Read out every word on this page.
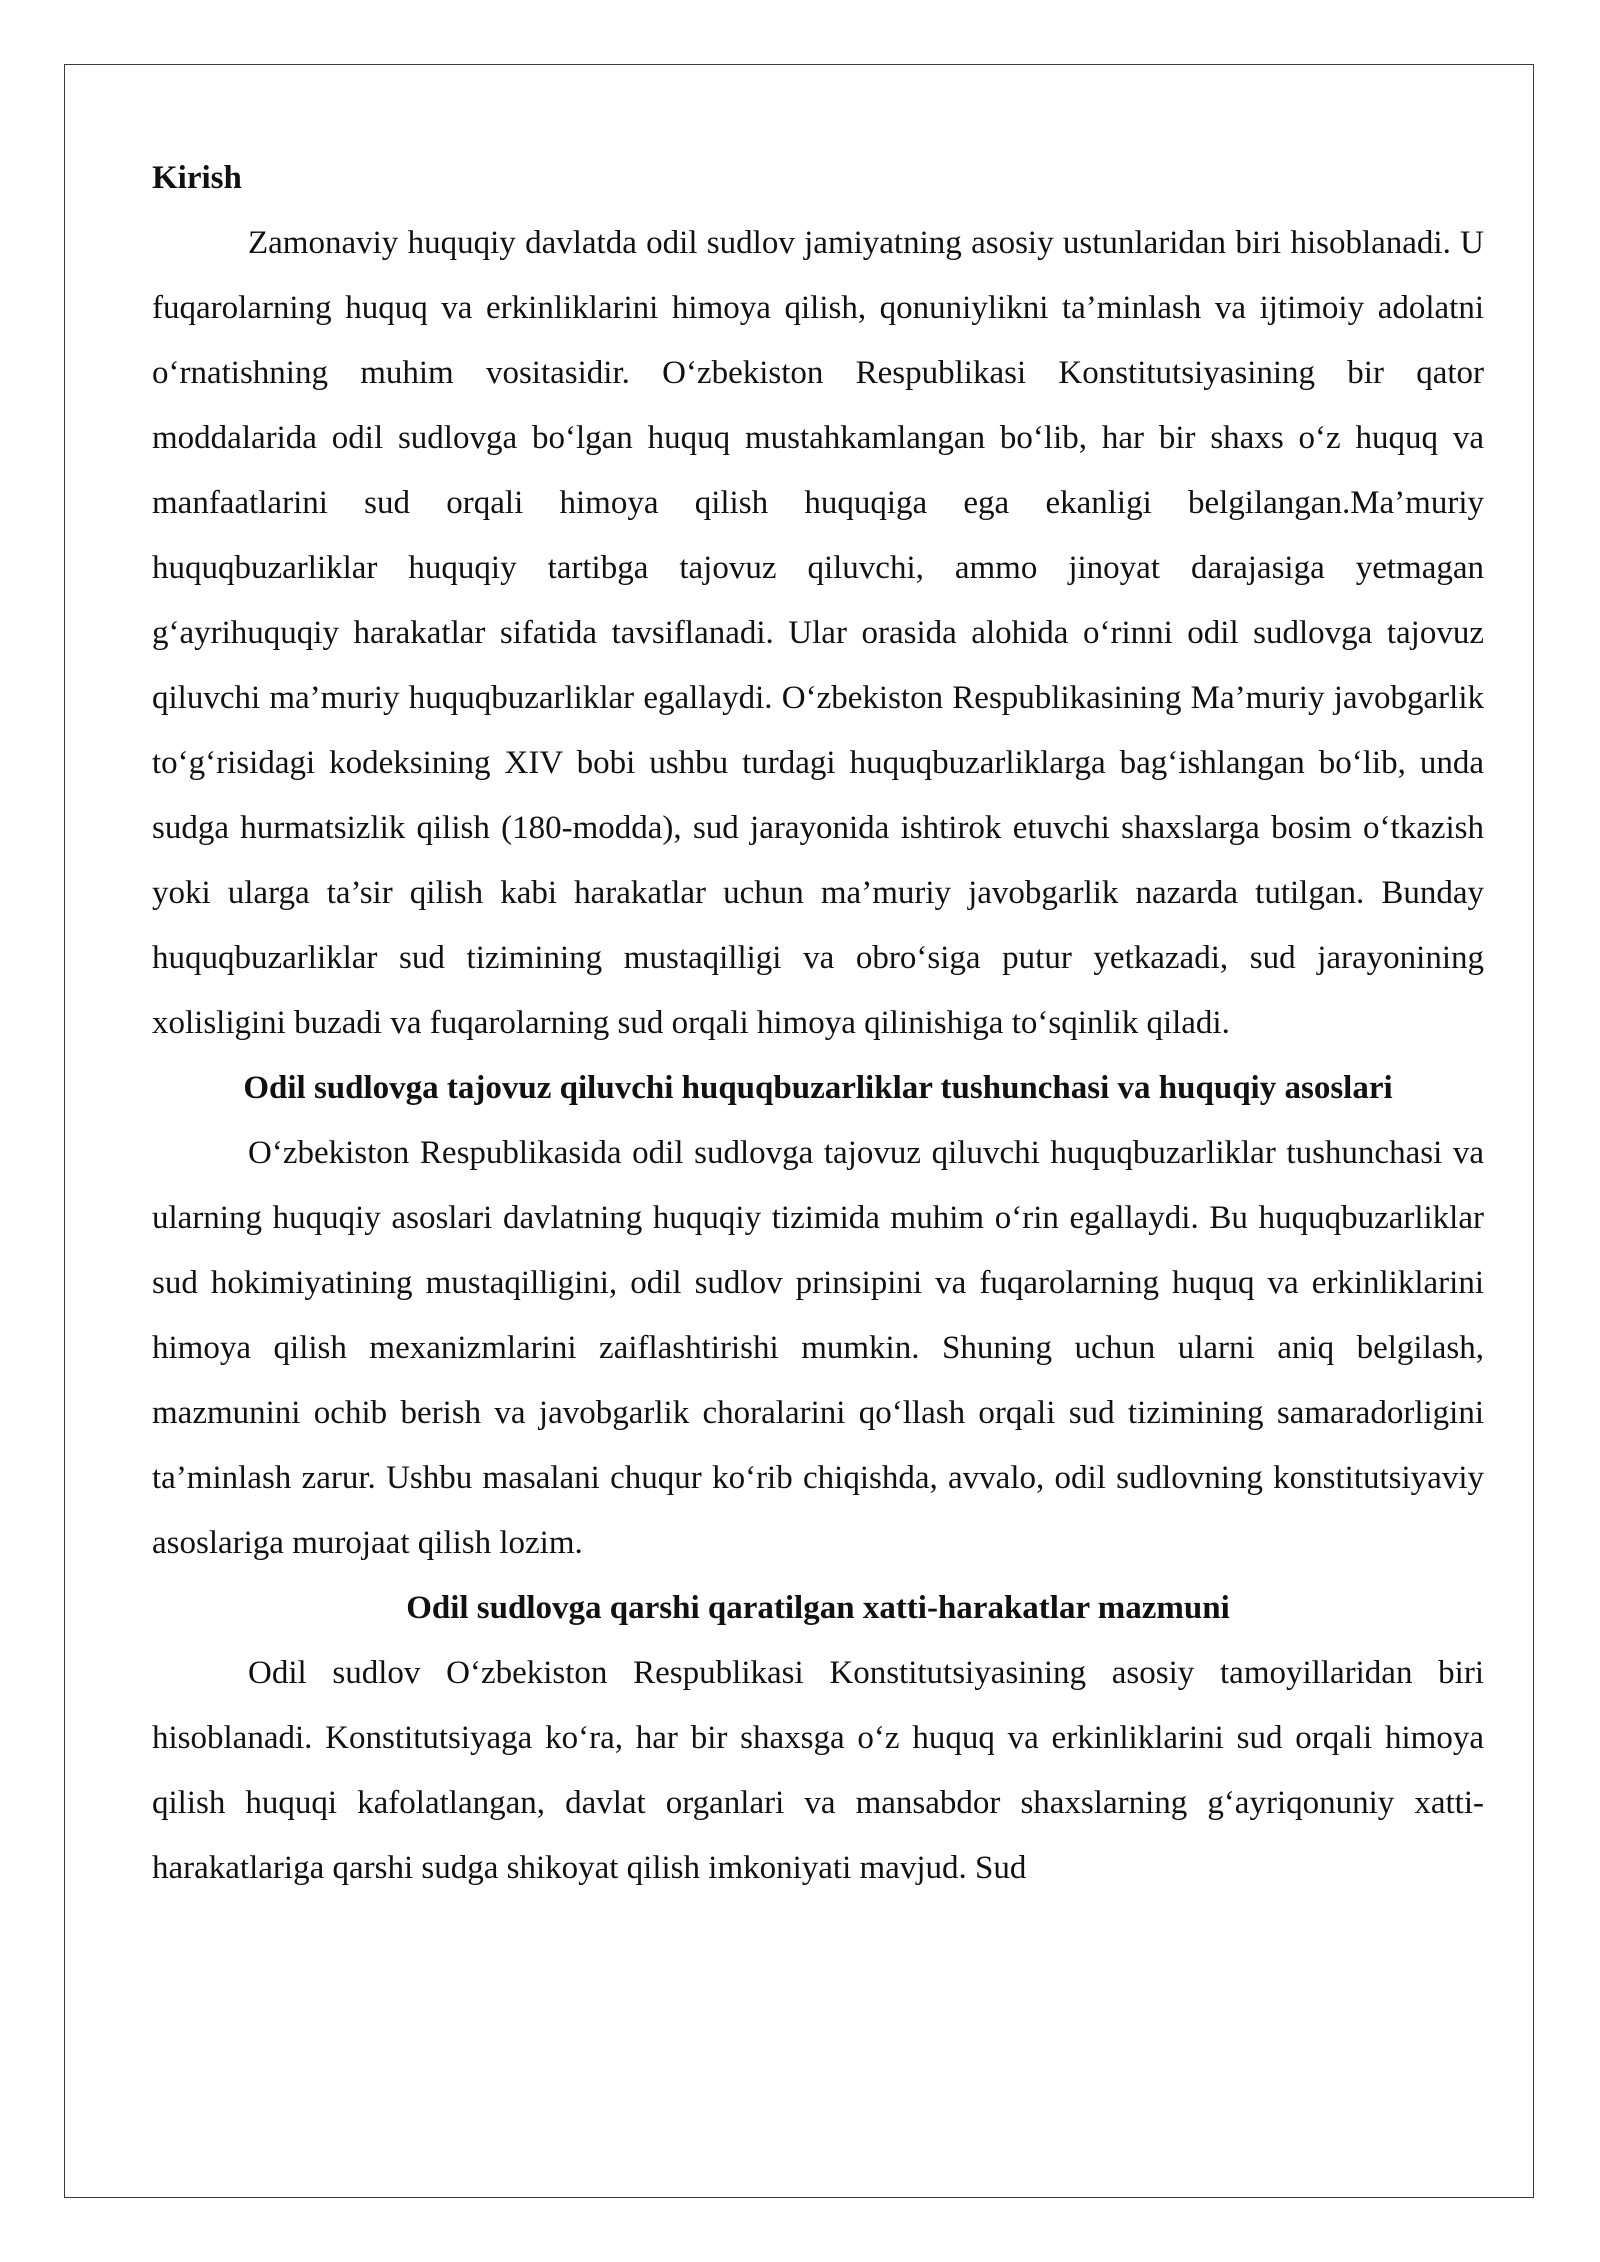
Kirish

Zamonaviy huquqiy davlatda odil sudlov jamiyatning asosiy ustunlaridan biri hisoblanadi. U fuqarolarning huquq va erkinliklarini himoya qilish, qonuniylikni ta’minlash va ijtimoiy adolatni o‘rnatishning muhim vositasidir. O‘zbekiston Respublikasi Konstitutsiyasining bir qator moddalarida odil sudlovga bo‘lgan huquq mustahkamlangan bo‘lib, har bir shaxs o‘z huquq va manfaatlarini sud orqali himoya qilish huquqiga ega ekanligi belgilangan.Ma’muriy huquqbuzarliklar huquqiy tartibga tajovuz qiluvchi, ammo jinoyat darajasiga yetmagan g‘ayrihuquqiy harakatlar sifatida tavsiflanadi. Ular orasida alohida o‘rinni odil sudlovga tajovuz qiluvchi ma’muriy huquqbuzarliklar egallaydi. O‘zbekiston Respublikasining Ma’muriy javobgarlik to‘g‘risidagi kodeksining XIV bobi ushbu turdagi huquqbuzarliklarga bag‘ishlangan bo‘lib, unda sudga hurmatsizlik qilish (180-modda), sud jarayonida ishtirok etuvchi shaxslarga bosim o‘tkazish yoki ularga ta’sir qilish kabi harakatlar uchun ma’muriy javobgarlik nazarda tutilgan. Bunday huquqbuzarliklar sud tizimining mustaqilligi va obro‘siga putur yetkazadi, sud jarayonining xolisligini buzadi va fuqarolarning sud orqali himoya qilinishiga to‘sqinlik qiladi.

Odil sudlovga tajovuz qiluvchi huquqbuzarliklar tushunchasi va huquqiy asoslari

O‘zbekiston Respublikasida odil sudlovga tajovuz qiluvchi huquqbuzarliklar tushunchasi va ularning huquqiy asoslari davlatning huquqiy tizimida muhim o‘rin egallaydi. Bu huquqbuzarliklar sud hokimiyatining mustaqilligini, odil sudlov prinsipini va fuqarolarning huquq va erkinliklarini himoya qilish mexanizmlarini zaiflashtirishi mumkin. Shuning uchun ularni aniq belgilash, mazmunini ochib berish va javobgarlik choralarini qo‘llash orqali sud tizimining samaradorligini ta’minlash zarur. Ushbu masalani chuqur ko‘rib chiqishda, avvalo, odil sudlovning konstitutsiyaviy asoslariga murojaat qilish lozim.

Odil sudlovga qarshi qaratilgan xatti-harakatlar mazmuni

Odil sudlov O‘zbekiston Respublikasi Konstitutsiyasining asosiy tamoyillaridan biri hisoblanadi. Konstitutsiyaga ko‘ra, har bir shaxsga o‘z huquq va erkinliklarini sud orqali himoya qilish huquqi kafolatlangan, davlat organlari va mansabdor shaxslarning g‘ayriqonuniy xatti-harakatlariga qarshi sudga shikoyat qilish imkoniyati mavjud. Sud
